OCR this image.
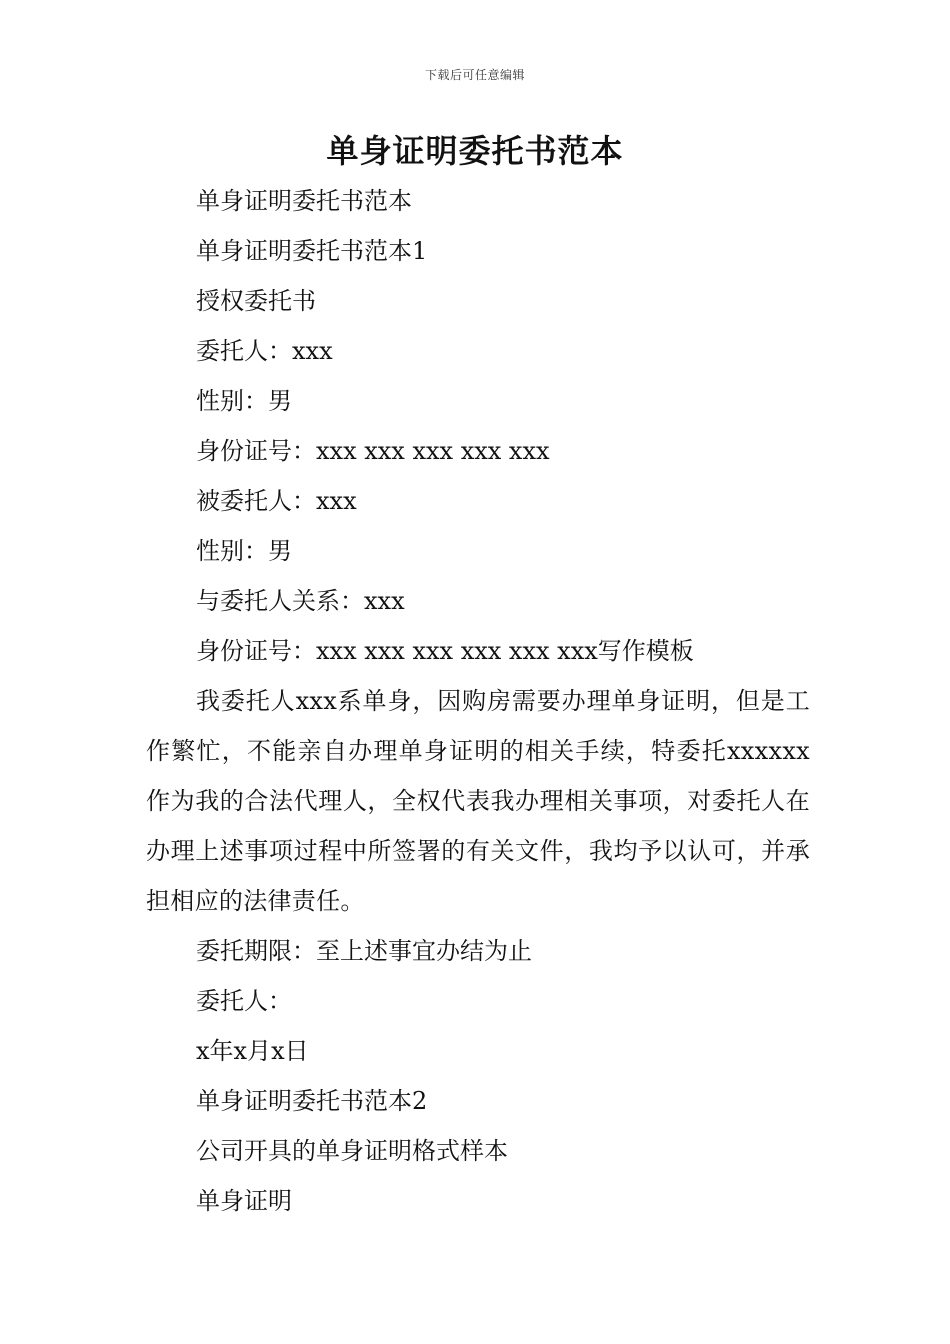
下载后可任意编辑
单身证明委托书范本

单身证明委托书范本

单身证明委托书范本1

授权委托书

委托人：xxx

性别：男

身份证号：xxx xxx xxx xxx xxx

被委托人：xxx

性别：男

与委托人关系：xxx

身份证号：xxx xxx xxx xxx xxx xxx写作模板

我委托人xxx系单身，因购房需要办理单身证明，但是工作繁忙，不能亲自办理单身证明的相关手续，特委托xxxxxx作为我的合法代理人，全权代表我办理相关事项，对委托人在办理上述事项过程中所签署的有关文件，我均予以认可，并承担相应的法律责任。

委托期限：至上述事宜办结为止

委托人：

x年x月x日

单身证明委托书范本2

公司开具的单身证明格式样本

单身证明
